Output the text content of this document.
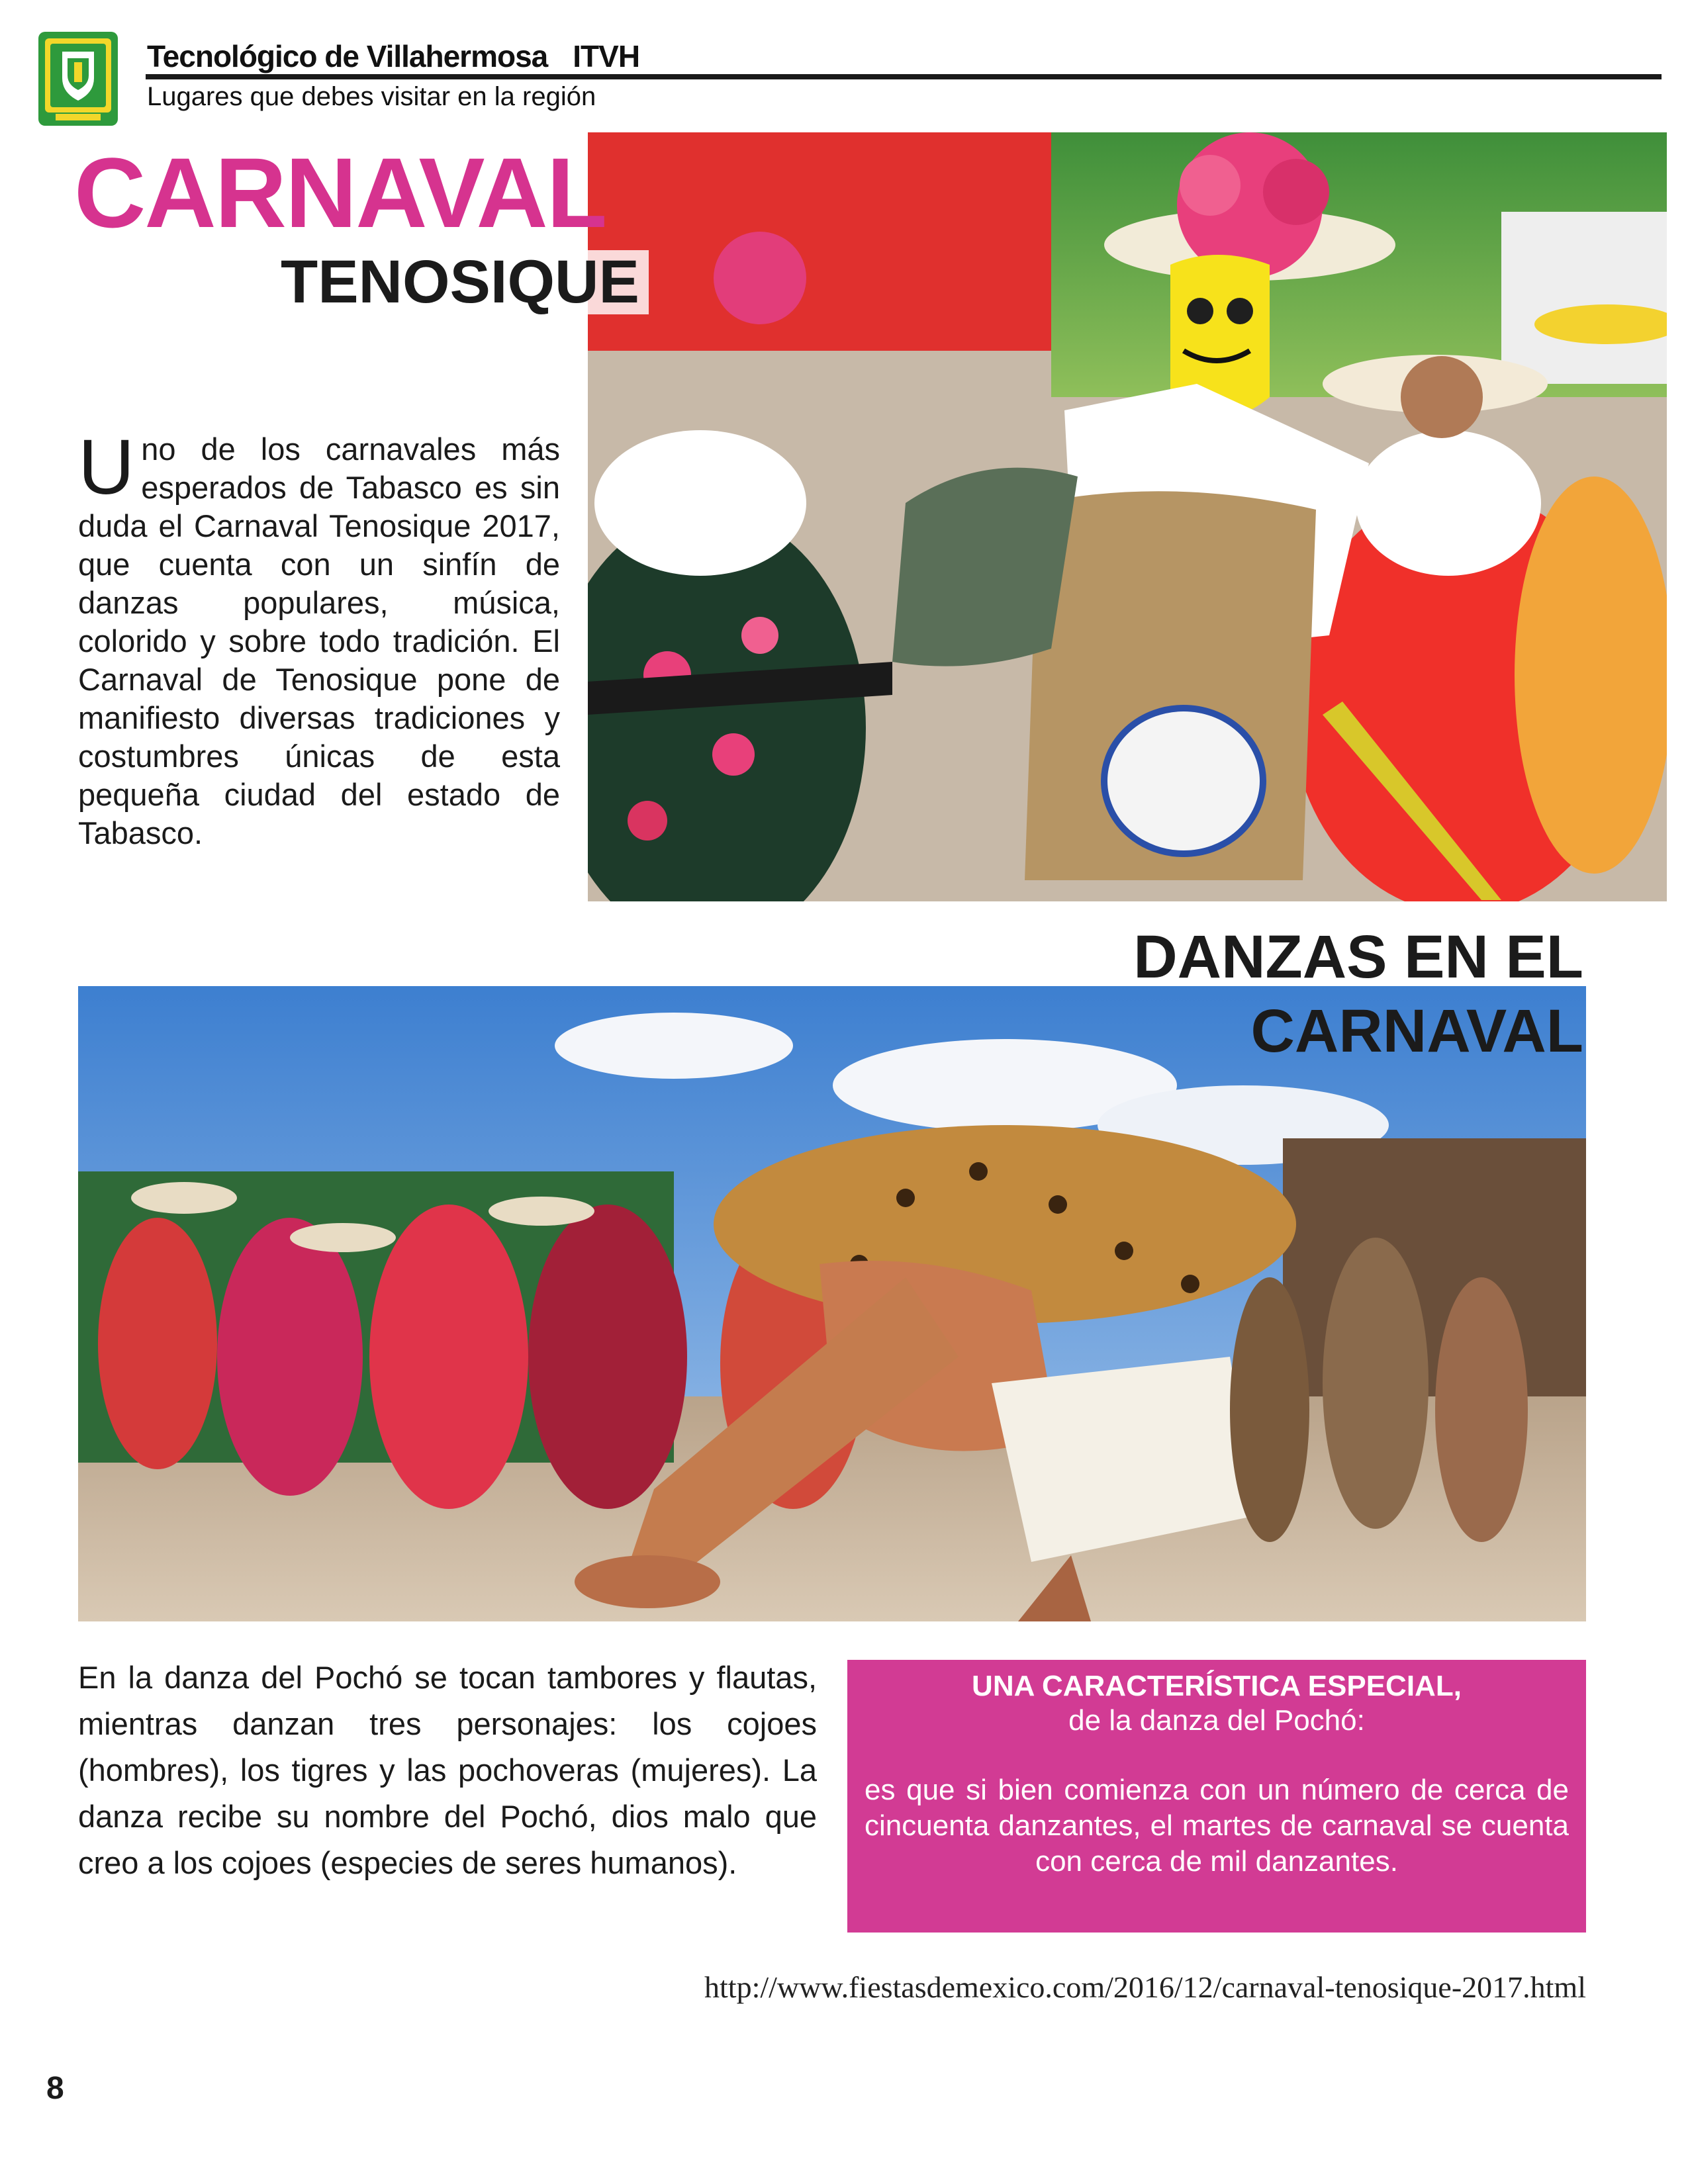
Tecnológico de Villahermosa ITVH
Lugares que debes visitar en la región
CARNAVAL
TENOSIQUE
Uno de los carnavales más esperados de Tabasco es sin duda el Carnaval Tenosique 2017, que cuenta con un sinfín de danzas populares, música, colorido y sobre todo tradición. El Carnaval de Tenosique pone de manifiesto diversas tradiciones y costumbres únicas de esta pequeña ciudad del estado de Tabasco.
DANZAS EN EL
CARNAVAL
En la danza del Pochó se tocan tambores y flautas, mientras danzan tres personajes: los cojoes (hombres), los tigres y las pochoveras (mujeres). La danza recibe su nombre del Pochó, dios malo que creo a los cojoes (especies de seres humanos).
UNA CARACTERÍSTICA ESPECIAL,
de la danza del Pochó:
es que si bien comienza con un número de cerca de cincuenta danzantes, el martes de carnaval se cuenta con cerca de mil danzantes.
http://www.fiestasdemexico.com/2016/12/carnaval-tenosique-2017.html
8
